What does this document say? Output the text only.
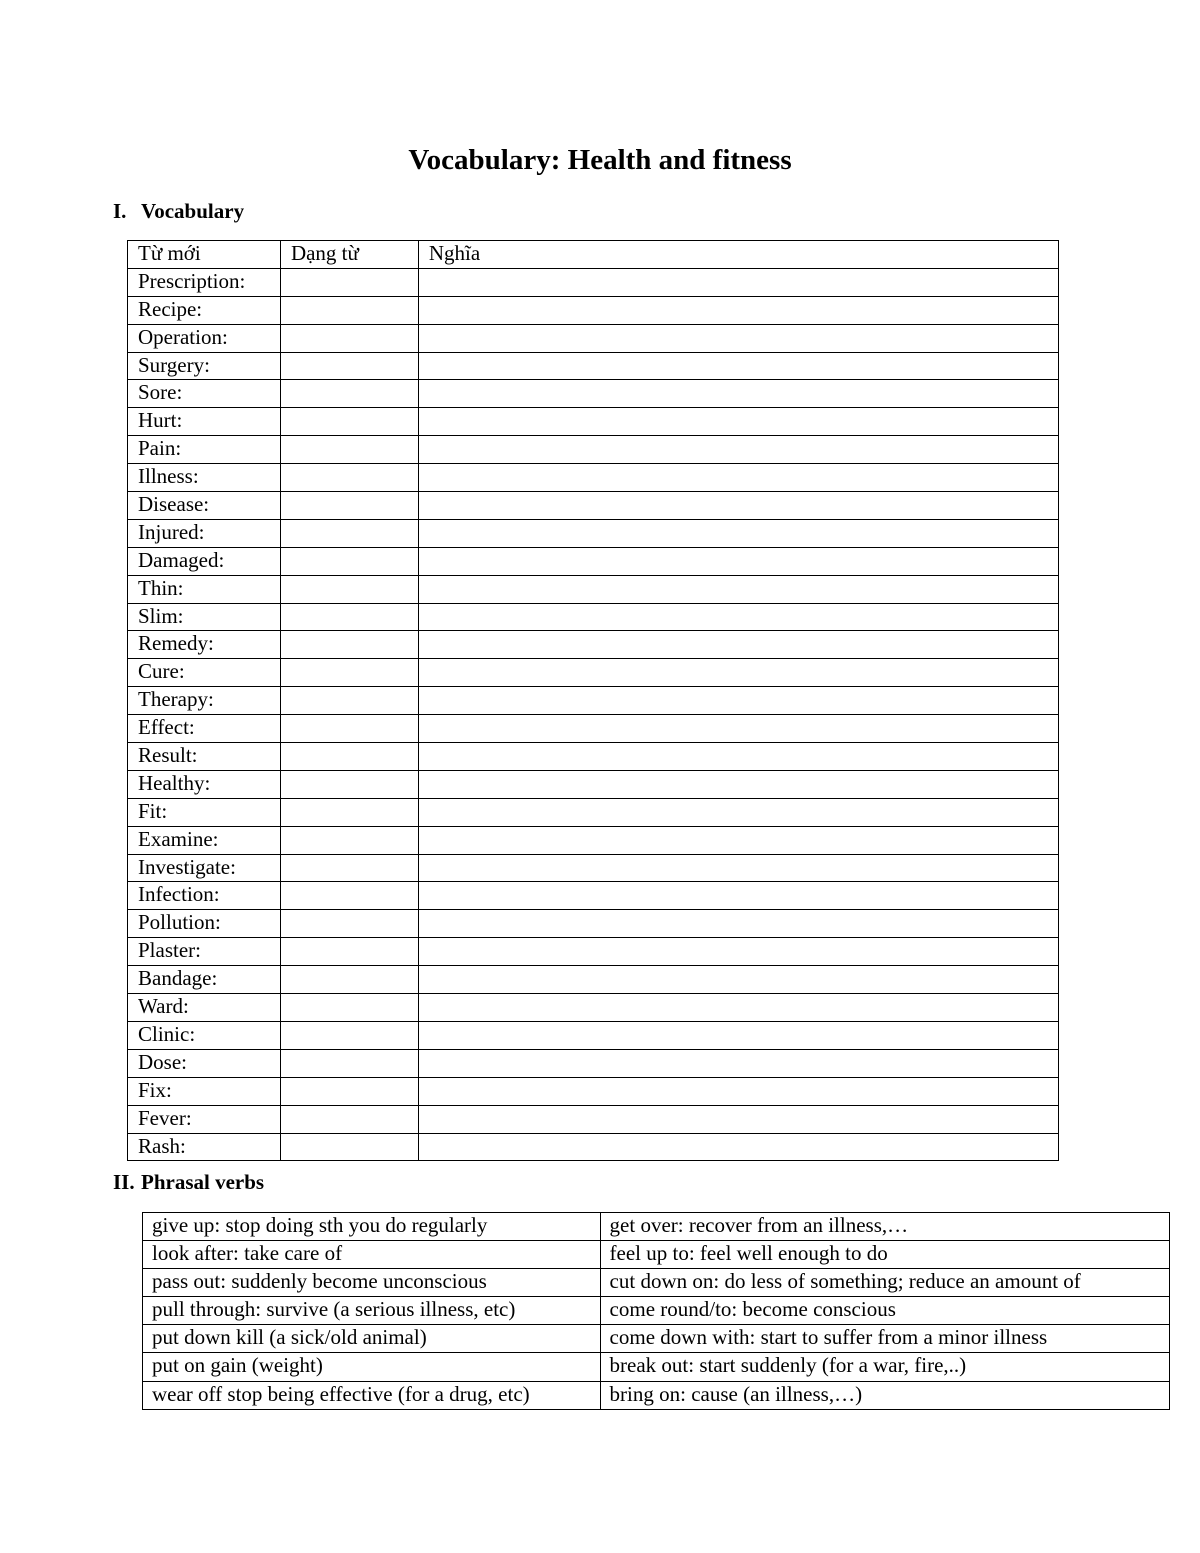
Vocabulary: Health and fitness
I. Vocabulary
Từ mới	Dạng từ	Nghĩa
Prescription:		
Recipe:		
Operation:		
Surgery:		
Sore:		
Hurt:		
Pain:		
Illness:		
Disease:		
Injured:		
Damaged:		
Thin:		
Slim:		
Remedy:		
Cure:		
Therapy:		
Effect:		
Result:		
Healthy:		
Fit:		
Examine:		
Investigate:		
Infection:		
Pollution:		
Plaster:		
Bandage:		
Ward:		
Clinic:		
Dose:		
Fix:		
Fever:		
Rash:		
II. Phrasal verbs
give up: stop doing sth you do regularly	get over: recover from an illness,…
look after: take care of	feel up to: feel well enough to do
pass out: suddenly become unconscious	cut down on: do less of something; reduce an amount of
pull through: survive (a serious illness, etc)	come round/to: become conscious
put down kill (a sick/old animal)	come down with: start to suffer from a minor illness
put on gain (weight)	break out: start suddenly (for a war, fire,..)
wear off stop being effective (for a drug, etc)	bring on: cause (an illness,…)
